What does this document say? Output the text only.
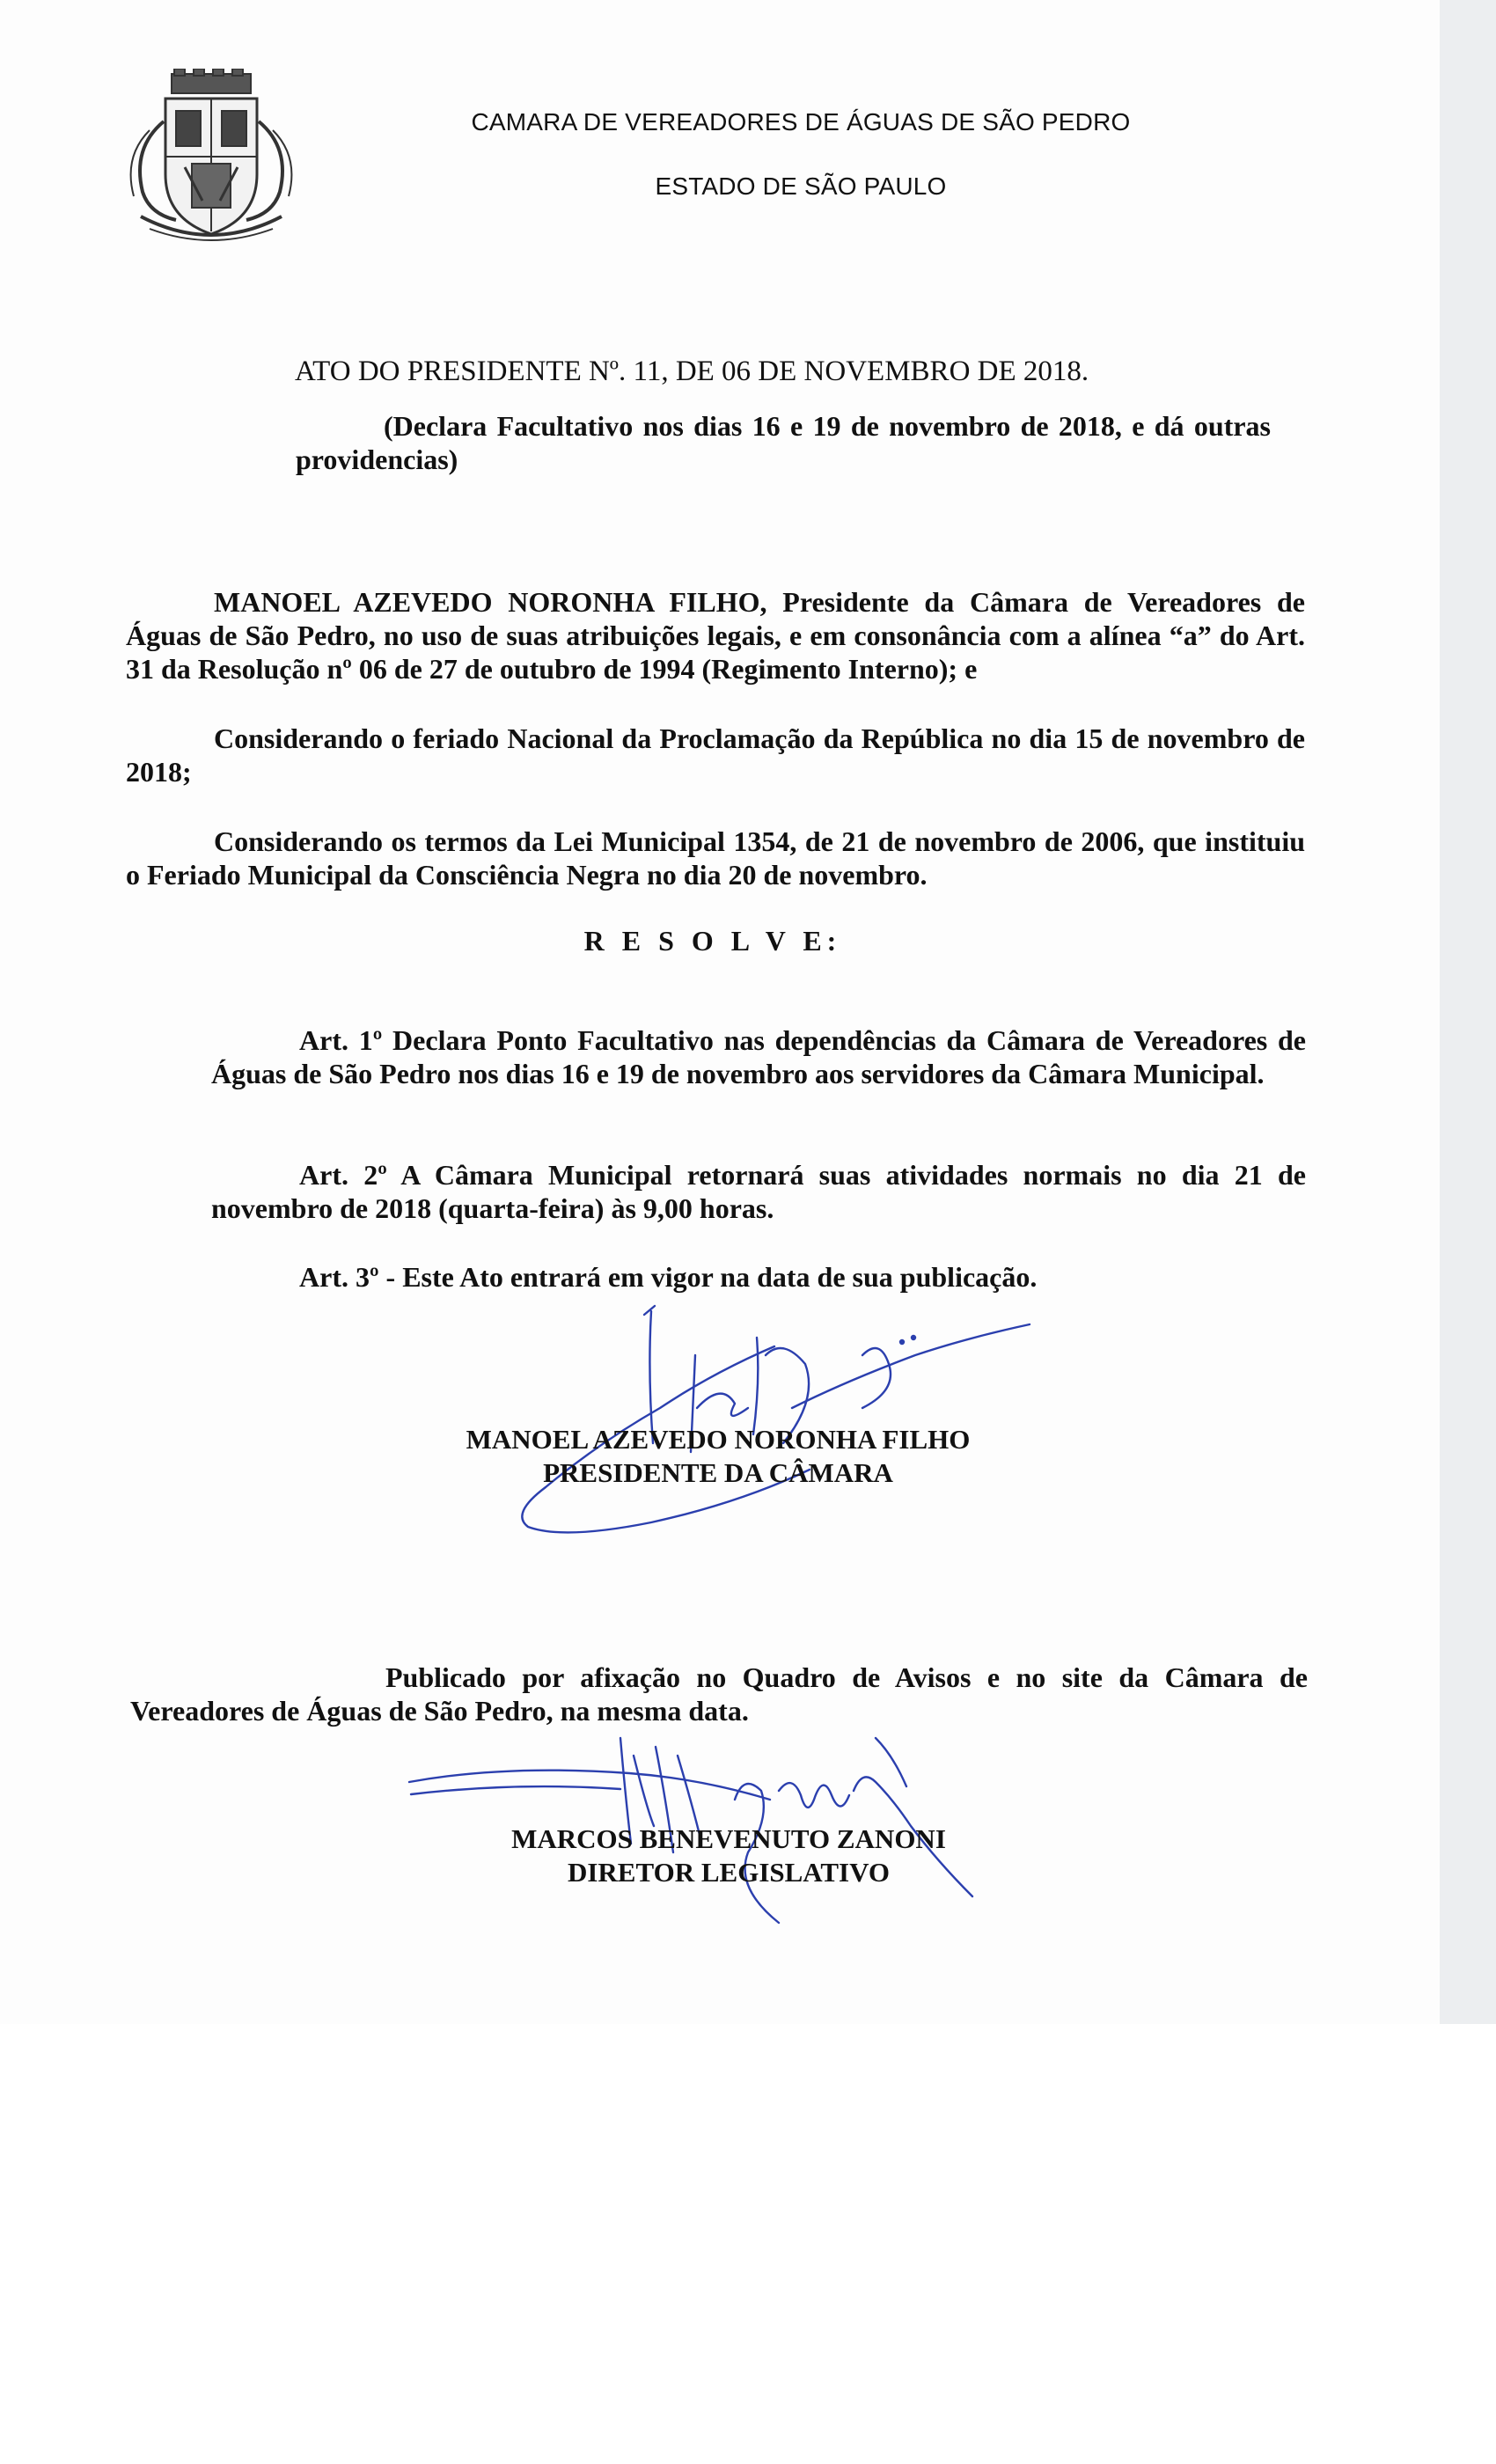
CAMARA DE VEREADORES DE ÁGUAS DE SÃO PEDRO
ESTADO DE SÃO PAULO
ATO DO PRESIDENTE Nº. 11, DE 06 DE NOVEMBRO DE 2018.
(Declara Facultativo nos dias 16 e 19 de novembro de 2018, e dá outras providencias)
MANOEL AZEVEDO NORONHA FILHO, Presidente da Câmara de Vereadores de Águas de São Pedro, no uso de suas atribuições legais, e em consonância com a alínea “a” do Art. 31 da Resolução nº 06 de 27 de outubro de 1994 (Regimento Interno); e
Considerando o feriado Nacional da Proclamação da República no dia 15 de novembro de 2018;
Considerando os termos da Lei Municipal 1354, de 21 de novembro de 2006, que instituiu o Feriado Municipal da Consciência Negra no dia 20 de novembro.
R E S O L V E:
Art. 1º Declara Ponto Facultativo nas dependências da Câmara de Vereadores de Águas de São Pedro nos dias 16 e 19 de novembro aos servidores da Câmara Municipal.
Art. 2º A Câmara Municipal retornará suas atividades normais no dia 21 de novembro de 2018 (quarta-feira) às 9,00 horas.
Art. 3º - Este Ato entrará em vigor na data de sua publicação.
MANOEL AZEVEDO NORONHA FILHO
PRESIDENTE DA CÂMARA
Publicado por afixação no Quadro de Avisos e no site da Câmara de Vereadores de Águas de São Pedro, na mesma data.
MARCOS BENEVENUTO ZANONI
DIRETOR LEGISLATIVO
